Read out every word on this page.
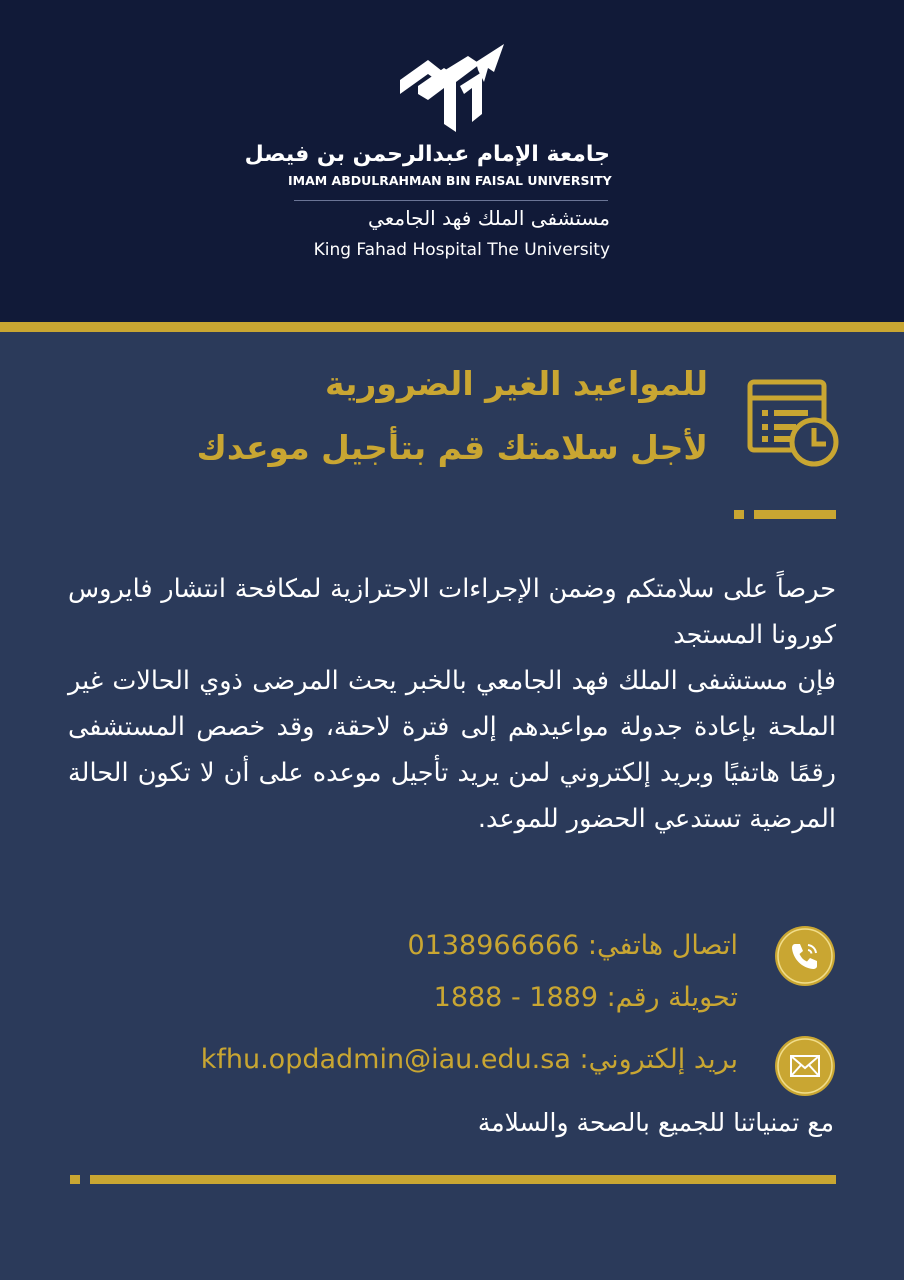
جامعة الإمام عبدالرحمن بن فيصل
IMAM ABDULRAHMAN BIN FAISAL UNIVERSITY
مستشفى الملك فهد الجامعي
King Fahad Hospital The University
للمواعيد الغير الضرورية
لأجل سلامتك قم بتأجيل موعدك

حرصاً على سلامتكم وضمن الإجراءات الاحترازية لمكافحة انتشار فايروس كورونا المستجد

فإن مستشفى الملك فهد الجامعي بالخبر يحث المرضى ذوي الحالات غير الملحة بإعادة جدولة مواعيدهم إلى فترة لاحقة، وقد خصص المستشفى رقمًا هاتفيًا وبريد إلكتروني لمن يريد تأجيل موعده على أن لا تكون الحالة المرضية تستدعي الحضور للموعد.

اتصال هاتفي: 0138966666
تحويلة رقم: 1889 - 1888
بريد إلكتروني: kfhu.opdadmin@iau.edu.sa
مع تمنياتنا للجميع بالصحة والسلامة
